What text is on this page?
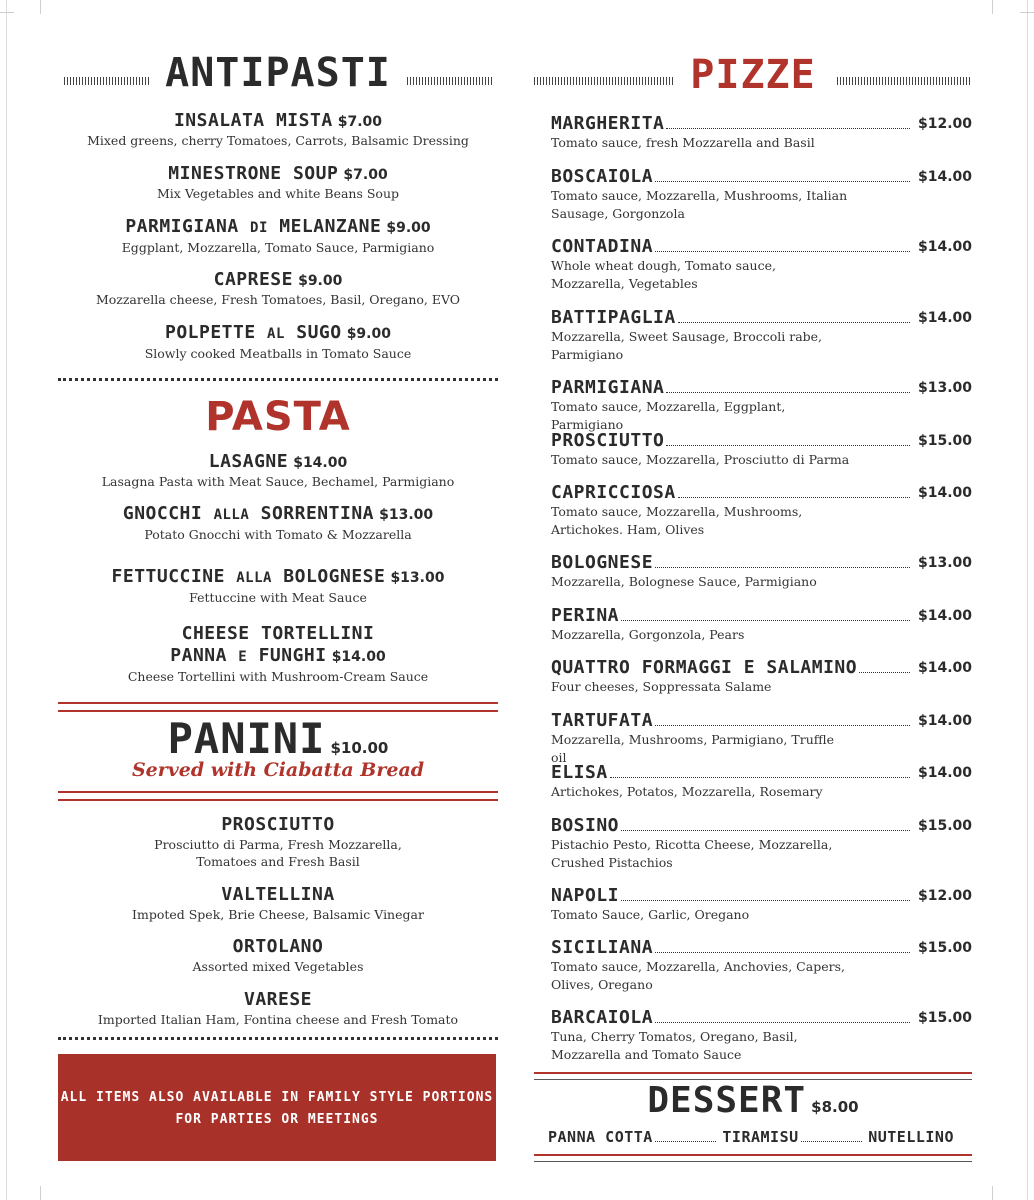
ANTIPASTI
INSALATA MISTA $7.00
Mixed greens, cherry Tomatoes, Carrots, Balsamic Dressing
MINESTRONE SOUP $7.00
Mix Vegetables and white Beans Soup
PARMIGIANA DI MELANZANE $9.00
Eggplant, Mozzarella, Tomato Sauce, Parmigiano
CAPRESE $9.00
Mozzarella cheese, Fresh Tomatoes, Basil, Oregano, EVO
POLPETTE AL SUGO $9.00
Slowly cooked Meatballs in Tomato Sauce
PASTA
LASAGNE $14.00
Lasagna Pasta with Meat Sauce, Bechamel, Parmigiano
GNOCCHI ALLA SORRENTINA $13.00
Potato Gnocchi with Tomato & Mozzarella
FETTUCCINE ALLA BOLOGNESE $13.00
Fettuccine with Meat Sauce
CHEESE TORTELLINI
PANNA E FUNGHI $14.00
Cheese Tortellini with Mushroom-Cream Sauce
PANINI $10.00
Served with Ciabatta Bread
PROSCIUTTO
Prosciutto di Parma, Fresh Mozzarella,
Tomatoes and Fresh Basil
VALTELLINA
Impoted Spek, Brie Cheese, Balsamic Vinegar
ORTOLANO
Assorted mixed Vegetables
VARESE
Imported Italian Ham, Fontina cheese and Fresh Tomato
ALL ITEMS ALSO AVAILABLE IN FAMILY STYLE PORTIONS
FOR PARTIES OR MEETINGS
PIZZE
MARGHERITA	$12.00
Tomato sauce, fresh Mozzarella and Basil
BOSCAIOLA	$14.00
Tomato sauce, Mozzarella, Mushrooms, Italian Sausage, Gorgonzola
CONTADINA	$14.00
Whole wheat dough, Tomato sauce, Mozzarella, Vegetables
BATTIPAGLIA	$14.00
Mozzarella, Sweet Sausage, Broccoli rabe, Parmigiano
PARMIGIANA	$13.00
Tomato sauce, Mozzarella, Eggplant, Parmigiano
PROSCIUTTO	$15.00
Tomato sauce, Mozzarella, Prosciutto di Parma
CAPRICCIOSA	$14.00
Tomato sauce, Mozzarella, Mushrooms, Artichokes. Ham, Olives
BOLOGNESE	$13.00
Mozzarella, Bolognese Sauce, Parmigiano
PERINA	$14.00
Mozzarella, Gorgonzola, Pears
QUATTRO FORMAGGI E SALAMINO	$14.00
Four cheeses, Soppressata Salame
TARTUFATA	$14.00
Mozzarella, Mushrooms, Parmigiano, Truffle oil
ELISA	$14.00
Artichokes, Potatos, Mozzarella, Rosemary
BOSINO	$15.00
Pistachio Pesto, Ricotta Cheese, Mozzarella, Crushed Pistachios
NAPOLI	$12.00
Tomato Sauce, Garlic, Oregano
SICILIANA	$15.00
Tomato sauce, Mozzarella, Anchovies, Capers, Olives, Oregano
BARCAIOLA	$15.00
Tuna, Cherry Tomatos, Oregano, Basil, Mozzarella and Tomato Sauce
DESSERT $8.00
PANNA COTTA	TIRAMISU	NUTELLINO
